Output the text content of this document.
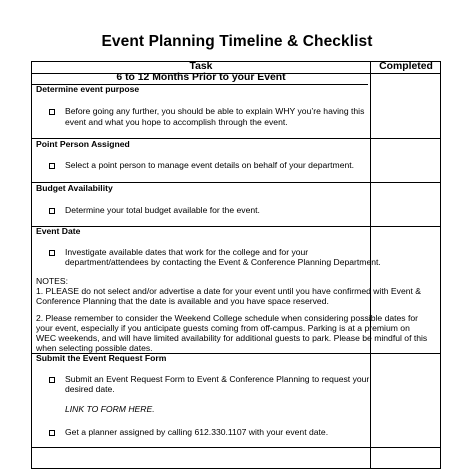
Event Planning Timeline & Checklist
Task	Completed
6 to 12 Months Prior to your Event
Determine event purpose
Before going any further, you should be able to explain WHY you’re having this
event and what you hope to accomplish through the event.
Point Person Assigned
Select a point person to manage event details on behalf of your department.
Budget Availability
Determine your total budget available for the event.
Event Date
Investigate available dates that work for the college and for your
department/attendees by contacting the Event & Conference Planning Department.
NOTES:
1. PLEASE do not select and/or advertise a date for your event until you have confirmed with Event &
Conference Planning that the date is available and you have space reserved.
2. Please remember to consider the Weekend College schedule when considering possible dates for
your event, especially if you anticipate guests coming from off-campus. Parking is at a premium on
WEC weekends, and will have limited availability for additional guests to park. Please be mindful of this
when selecting possible dates.
Submit the Event Request Form
Submit an Event Request Form to Event & Conference Planning to request your
desired date.
LINK TO FORM HERE.
Get a planner assigned by calling 612.330.1107 with your event date.
